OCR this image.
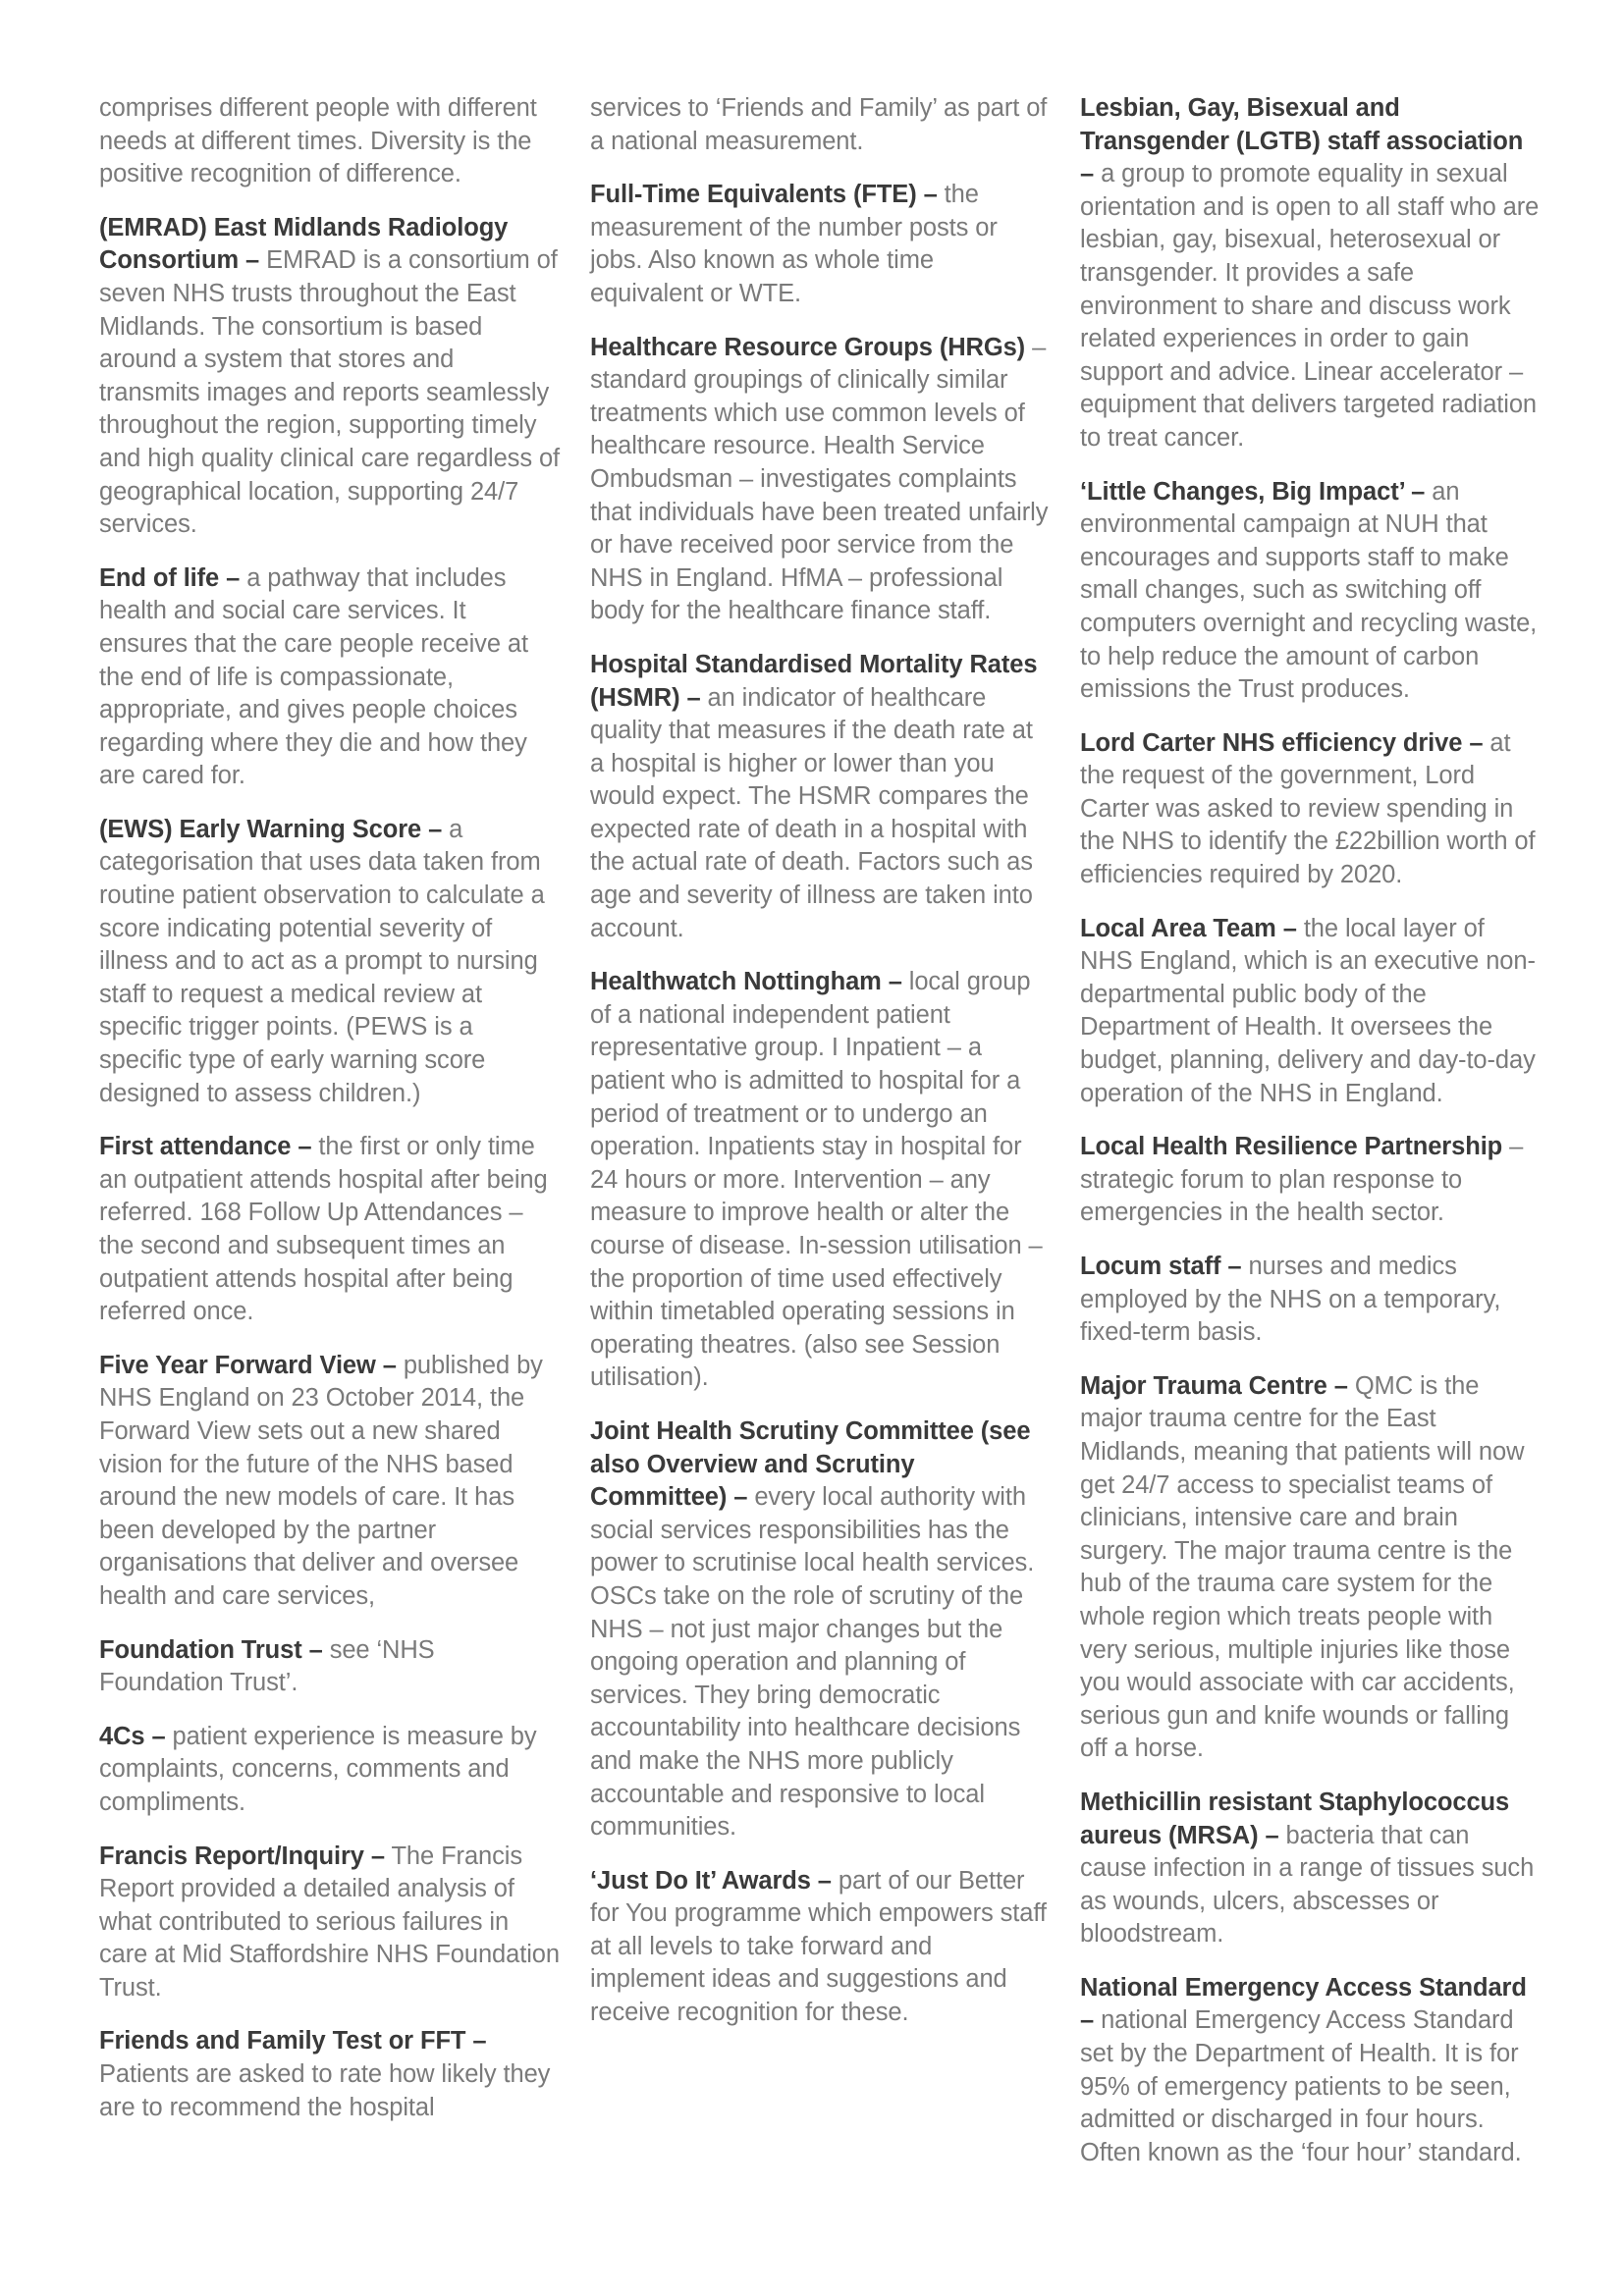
comprises different people with different needs at different times. Diversity is the positive recognition of difference.

(EMRAD) East Midlands Radiology Consortium – EMRAD is a consortium of seven NHS trusts throughout the East Midlands. The consortium is based around a system that stores and transmits images and reports seamlessly throughout the region, supporting timely and high quality clinical care regardless of geographical location, supporting 24/7 services.

End of life – a pathway that includes health and social care services. It ensures that the care people receive at the end of life is compassionate, appropriate, and gives people choices regarding where they die and how they are cared for.

(EWS) Early Warning Score – a categorisation that uses data taken from routine patient observation to calculate a score indicating potential severity of illness and to act as a prompt to nursing staff to request a medical review at specific trigger points. (PEWS is a specific type of early warning score designed to assess children.)

First attendance – the first or only time an outpatient attends hospital after being referred. 168 Follow Up Attendances – the second and subsequent times an outpatient attends hospital after being referred once.

Five Year Forward View – published by NHS England on 23 October 2014, the Forward View sets out a new shared vision for the future of the NHS based around the new models of care. It has been developed by the partner organisations that deliver and oversee health and care services,

Foundation Trust – see ‘NHS Foundation Trust’.

4Cs – patient experience is measure by complaints, concerns, comments and compliments.

Francis Report/Inquiry – The Francis Report provided a detailed analysis of what contributed to serious failures in care at Mid Staffordshire NHS Foundation Trust.

Friends and Family Test or FFT – Patients are asked to rate how likely they are to recommend the hospital

services to ‘Friends and Family’ as part of a national measurement.

Full-Time Equivalents (FTE) – the measurement of the number posts or jobs. Also known as whole time equivalent or WTE.

Healthcare Resource Groups (HRGs) – standard groupings of clinically similar treatments which use common levels of healthcare resource. Health Service Ombudsman – investigates complaints that individuals have been treated unfairly or have received poor service from the NHS in England. HfMA – professional body for the healthcare finance staff.

Hospital Standardised Mortality Rates (HSMR) – an indicator of healthcare quality that measures if the death rate at a hospital is higher or lower than you would expect. The HSMR compares the expected rate of death in a hospital with the actual rate of death. Factors such as age and severity of illness are taken into account.

Healthwatch Nottingham – local group of a national independent patient representative group. I Inpatient – a patient who is admitted to hospital for a period of treatment or to undergo an operation. Inpatients stay in hospital for 24 hours or more. Intervention – any measure to improve health or alter the course of disease. In-session utilisation – the proportion of time used effectively within timetabled operating sessions in operating theatres. (also see Session utilisation).

Joint Health Scrutiny Committee (see also Overview and Scrutiny Committee) – every local authority with social services responsibilities has the power to scrutinise local health services. OSCs take on the role of scrutiny of the NHS – not just major changes but the ongoing operation and planning of services. They bring democratic accountability into healthcare decisions and make the NHS more publicly accountable and responsive to local communities.

‘Just Do It’ Awards – part of our Better for You programme which empowers staff at all levels to take forward and implement ideas and suggestions and receive recognition for these.

Lesbian, Gay, Bisexual and Transgender (LGTB) staff association – a group to promote equality in sexual orientation and is open to all staff who are lesbian, gay, bisexual, heterosexual or transgender. It provides a safe environment to share and discuss work related experiences in order to gain support and advice. Linear accelerator – equipment that delivers targeted radiation to treat cancer.

‘Little Changes, Big Impact’ – an environmental campaign at NUH that encourages and supports staff to make small changes, such as switching off computers overnight and recycling waste, to help reduce the amount of carbon emissions the Trust produces.

Lord Carter NHS efficiency drive – at the request of the government, Lord Carter was asked to review spending in the NHS to identify the £22billion worth of efficiencies required by 2020.

Local Area Team – the local layer of NHS England, which is an executive non-departmental public body of the Department of Health. It oversees the budget, planning, delivery and day-to-day operation of the NHS in England.

Local Health Resilience Partnership – strategic forum to plan response to emergencies in the health sector.

Locum staff – nurses and medics employed by the NHS on a temporary, fixed-term basis.

Major Trauma Centre – QMC is the major trauma centre for the East Midlands, meaning that patients will now get 24/7 access to specialist teams of clinicians, intensive care and brain surgery. The major trauma centre is the hub of the trauma care system for the whole region which treats people with very serious, multiple injuries like those you would associate with car accidents, serious gun and knife wounds or falling off a horse.

Methicillin resistant Staphylococcus aureus (MRSA) – bacteria that can cause infection in a range of tissues such as wounds, ulcers, abscesses or bloodstream.

National Emergency Access Standard – national Emergency Access Standard set by the Department of Health. It is for 95% of emergency patients to be seen, admitted or discharged in four hours. Often known as the ‘four hour’ standard.
